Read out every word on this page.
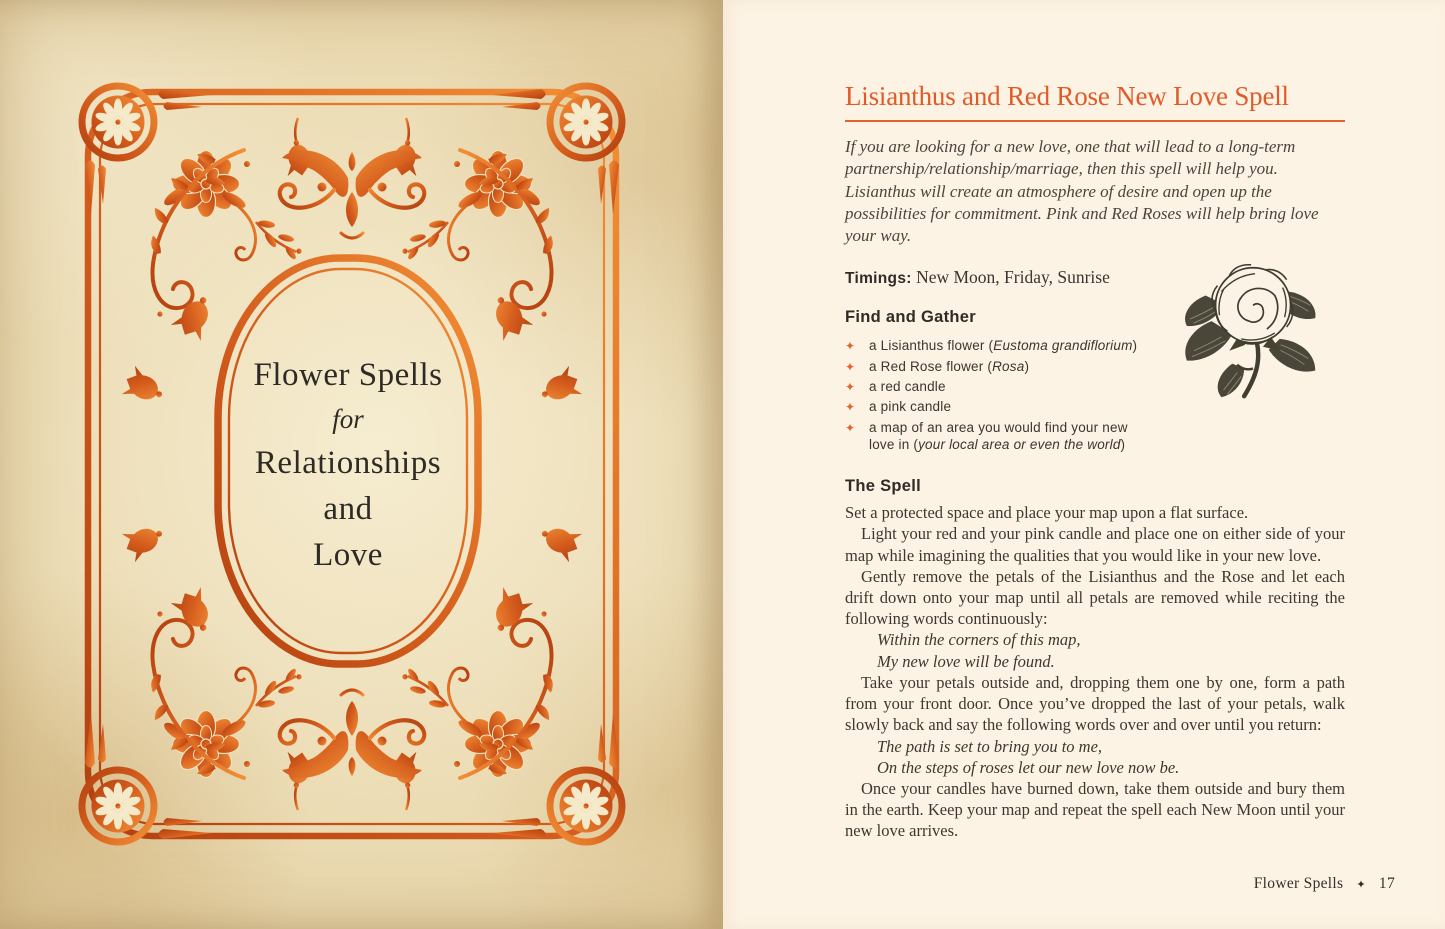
Flower Spells
for
Relationships
and
Love
Lisianthus and Red Rose New Love Spell

If you are looking for a new love, one that will lead to a long-term partnership/relationship/marriage, then this spell will help you. Lisianthus will create an atmosphere of desire and open up the possibilities for commitment. Pink and Red Roses will help bring love your way.

Timings: New Moon, Friday, Sunrise
Find and Gather
✦	a Lisianthus flower (Eustoma grandiflorium)
✦	a Red Rose flower (Rosa)
✦	a red candle
✦	a pink candle
✦	a map of an area you would find your new
love in (your local area or even the world)
The Spell

Set a protected space and place your map upon a flat surface.

Light your red and your pink candle and place one on either side of your map while imagining the qualities that you would like in your new love.

Gently remove the petals of the Lisianthus and the Rose and let each drift down onto your map until all petals are removed while reciting the following words continuously:

Within the corners of this map,
My new love will be found.

Take your petals outside and, dropping them one by one, form a path from your front door. Once you’ve dropped the last of your petals, walk slowly back and say the following words over and over until you return:

The path is set to bring you to me,
On the steps of roses let our new love now be.

Once your candles have burned down, take them outside and bury them in the earth. Keep your map and repeat the spell each New Moon until your new love arrives.

Flower Spells ✦ 17
